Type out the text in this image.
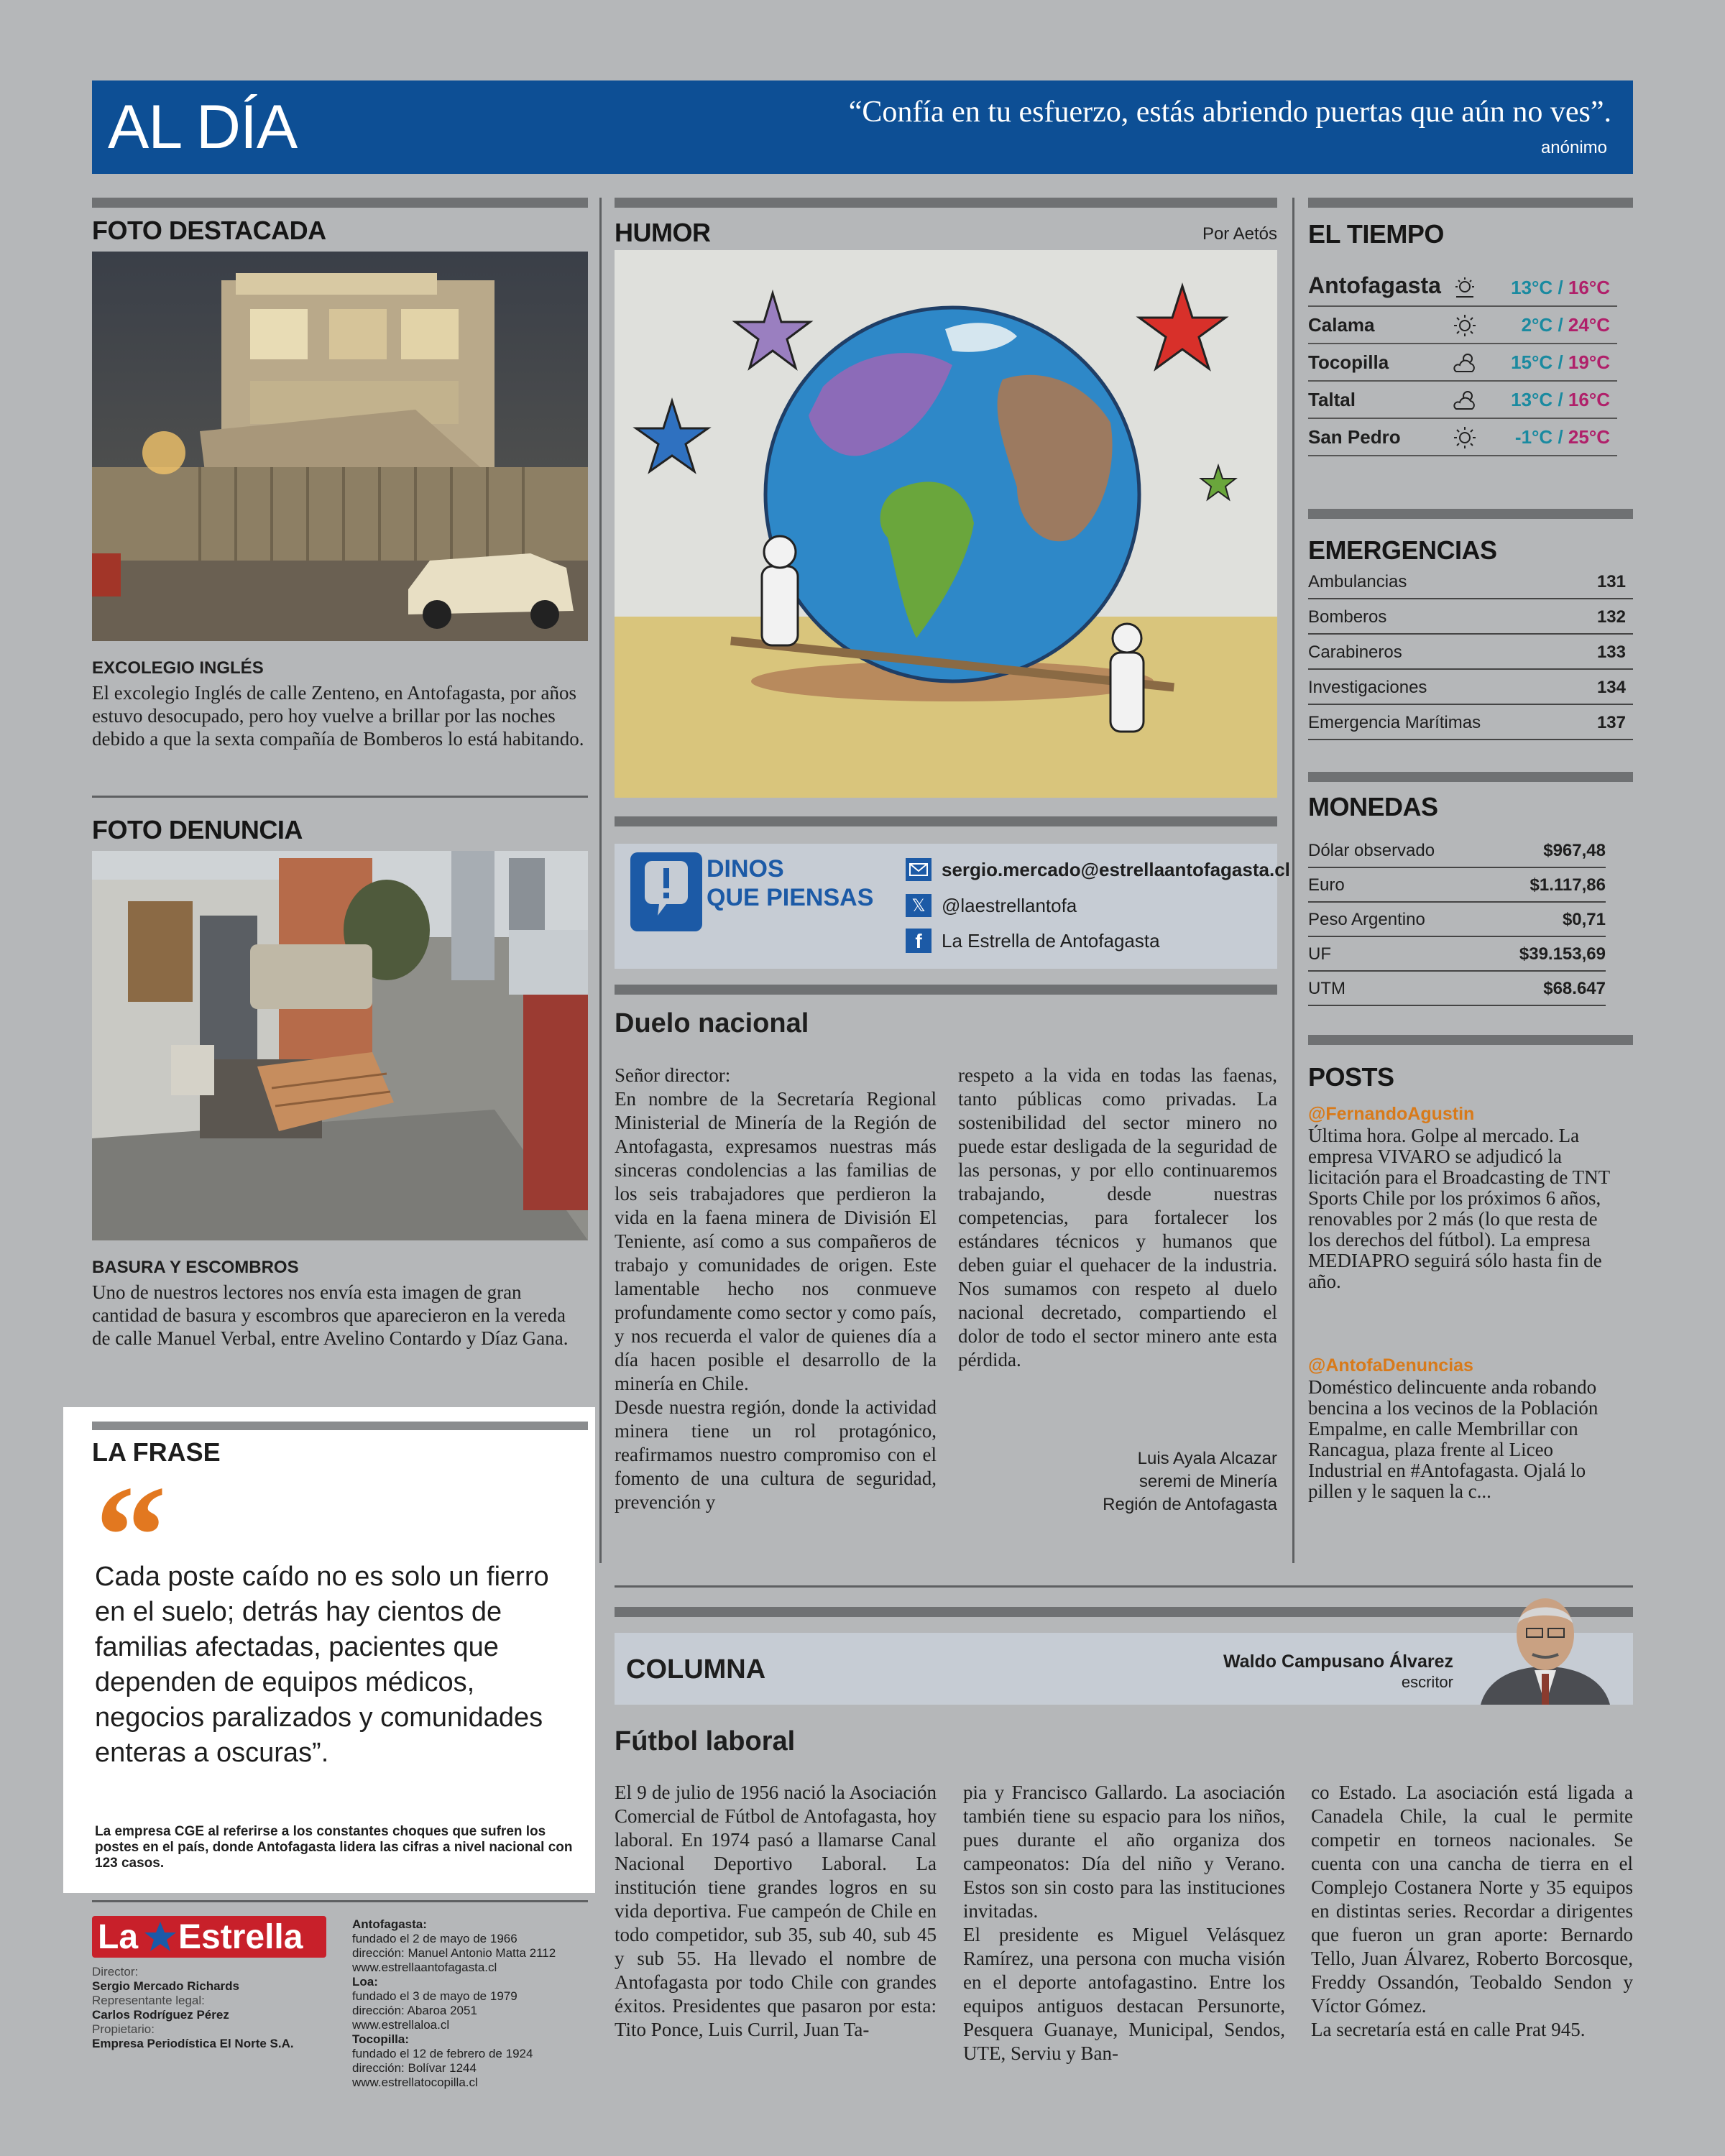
AL DÍA	“Confía en tu esfuerzo, estás abriendo puertas que aún no ves”.
anónimo
FOTO DESTACADA
EXCOLEGIO INGLÉS
El excolegio Inglés de calle Zenteno, en Antofagasta, por años estuvo desocupado, pero hoy vuelve a brillar por las noches debido a que la sexta compañía de Bomberos lo está habitando.
FOTO DENUNCIA
BASURA Y ESCOMBROS
Uno de nuestros lectores nos envía esta imagen de gran cantidad de basura y escombros que aparecieron en la vereda de calle Manuel Verbal, entre Avelino Contardo y Díaz Gana.
LA FRASE
“
Cada poste caído no es solo un fierro en el suelo; detrás hay cientos de familias afectadas, pacientes que dependen de equipos médicos, negocios paralizados y comunidades enteras a oscuras”.
La empresa CGE al referirse a los constantes choques que sufren los postes en el país, donde Antofagasta lidera las cifras a nivel nacional con 123 casos.
La Estrella
Director:
Sergio Mercado Richards
Representante legal:
Carlos Rodríguez Pérez
Propietario:
Empresa Periodística El Norte S.A.
Antofagasta:
fundado el 2 de mayo de 1966
dirección: Manuel Antonio Matta 2112
www.estrellaantofagasta.cl
Loa:
fundado el 3 de mayo de 1979
dirección: Abaroa 2051
www.estrellaloa.cl
Tocopilla:
fundado el 12 de febrero de 1924
dirección: Bolívar 1244
www.estrellatocopilla.cl
HUMOR	Por Aetós
DINOS
QUE PIENSAS
sergio.mercado@estrellaantofagasta.cl
𝕏 @laestrellantofa
f	La Estrella de Antofagasta
Duelo nacional
Señor director:
En nombre de la Secretaría Regional Ministerial de Minería de la Región de Antofagasta, expresamos nuestras más sinceras condolencias a las familias de los seis trabajadores que perdieron la vida en la faena minera de División El Teniente, así como a sus compañeros de trabajo y comunidades de origen. Este lamentable hecho nos conmueve profundamente como sector y como país, y nos recuerda el valor de quienes día a día hacen posible el desarrollo de la minería en Chile.
Desde nuestra región, donde la actividad minera tiene un rol protagónico, reafirmamos nuestro compromiso con el fomento de una cultura de seguridad, prevención y
respeto a la vida en todas las faenas, tanto públicas como privadas. La sostenibilidad del sector minero no puede estar desligada de la seguridad de las personas, y por ello continuaremos trabajando, desde nuestras competencias, para fortalecer los estándares técnicos y humanos que deben guiar el quehacer de la industria. Nos sumamos con respeto al duelo nacional decretado, compartiendo el dolor de todo el sector minero ante esta pérdida.
Luis Ayala Alcazar
seremi de Minería
Región de Antofagasta
EL TIEMPO
Antofagasta	13°C / 16°C
Calama	2°C / 24°C
Tocopilla	15°C / 19°C
Taltal	13°C / 16°C
San Pedro	-1°C / 25°C
EMERGENCIAS
Ambulancias	131
Bomberos	132
Carabineros	133
Investigaciones	134
Emergencia Marítimas	137
MONEDAS
Dólar observado	$967,48
Euro	$1.117,86
Peso Argentino	$0,71
UF	$39.153,69
UTM	$68.647
POSTS
@FernandoAgustin
Última hora. Golpe al mercado. La empresa VIVARO se adjudicó la licitación para el Broadcasting de TNT Sports Chile por los próximos 6 años, renovables por 2 más (lo que resta de los derechos del fútbol). La empresa MEDIAPRO seguirá sólo hasta fin de año.
@AntofaDenuncias
Doméstico delincuente anda robando bencina a los vecinos de la Población Empalme, en calle Membrillar con Rancagua, plaza frente al Liceo Industrial en #Antofagasta. Ojalá lo pillen y le saquen la c...
COLUMNA	Waldo Campusano Álvarez
escritor
Fútbol laboral
El 9 de julio de 1956 nació la Asociación Comercial de Fútbol de Antofagasta, hoy laboral. En 1974 pasó a llamarse Canal Nacional Deportivo Laboral. La institución tiene grandes logros en su vida deportiva. Fue campeón de Chile en todo competidor, sub 35, sub 40, sub 45 y sub 55. Ha llevado el nombre de Antofagasta por todo Chile con grandes éxitos. Presidentes que pasaron por esta: Tito Ponce, Luis Curril, Juan Ta-
pia y Francisco Gallardo. La asociación también tiene su espacio para los niños, pues durante el año organiza dos campeonatos: Día del niño y Verano. Estos son sin costo para las instituciones invitadas.
El presidente es Miguel Velásquez Ramírez, una persona con mucha visión en el deporte antofagastino. Entre los equipos antiguos destacan Persunorte, Pesquera Guanaye, Municipal, Sendos, UTE, Serviu y Ban-
co Estado. La asociación está ligada a Canadela Chile, la cual le permite competir en torneos nacionales. Se cuenta con una cancha de tierra en el Complejo Costanera Norte y 35 equipos en distintas series. Recordar a dirigentes que fueron un gran aporte: Bernardo Tello, Juan Álvarez, Roberto Borcosque, Freddy Ossandón, Teobaldo Sendon y Víctor Gómez.
La secretaría está en calle Prat 945.
